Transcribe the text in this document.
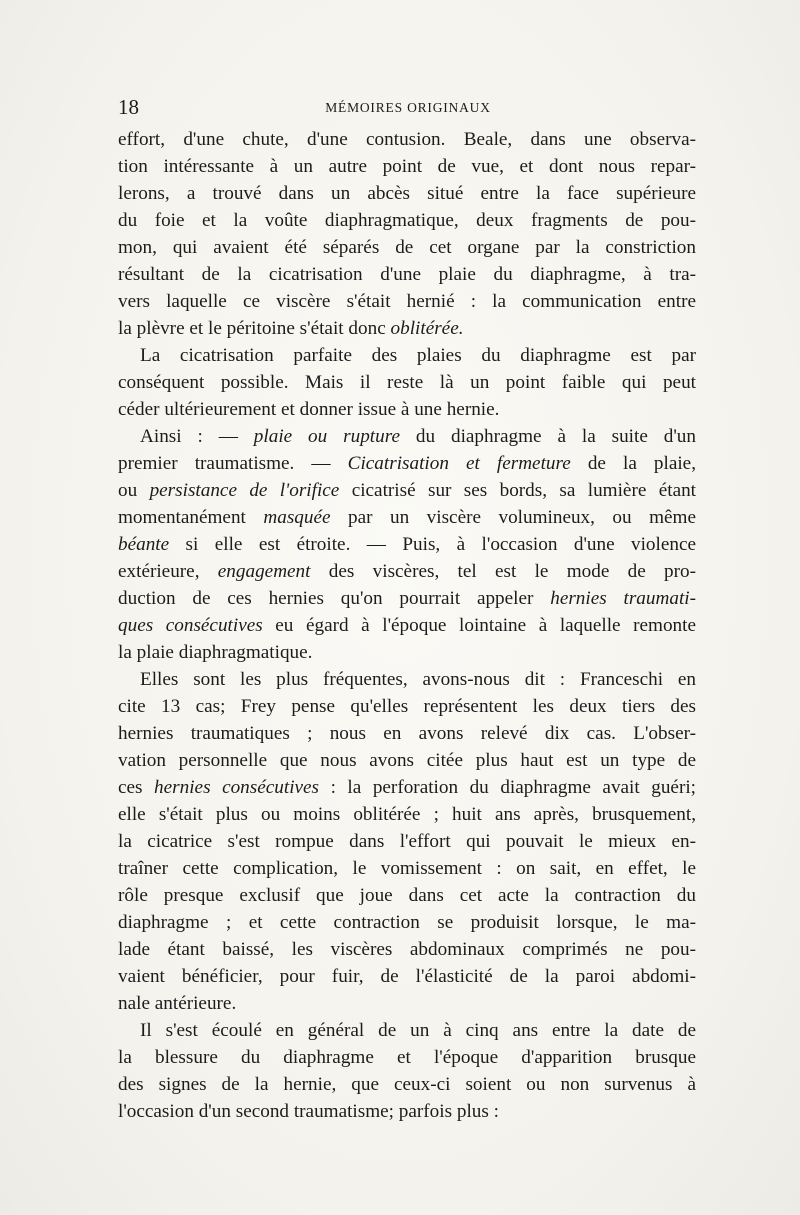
18	MÉMOIRES ORIGINAUX
effort, d'une chute, d'une contusion. Beale, dans une observa-
tion intéressante à un autre point de vue, et dont nous repar-
lerons, a trouvé dans un abcès situé entre la face supérieure
du foie et la voûte diaphragmatique, deux fragments de pou-
mon, qui avaient été séparés de cet organe par la constriction
résultant de la cicatrisation d'une plaie du diaphragme, à tra-
vers laquelle ce viscère s'était hernié : la communication entre
la plèvre et le péritoine s'était donc oblitérée.
La cicatrisation parfaite des plaies du diaphragme est par
conséquent possible. Mais il reste là un point faible qui peut
céder ultérieurement et donner issue à une hernie.
Ainsi : — plaie ou rupture du diaphragme à la suite d'un
premier traumatisme. — Cicatrisation et fermeture de la plaie,
ou persistance de l'orifice cicatrisé sur ses bords, sa lumière étant
momentanément masquée par un viscère volumineux, ou même
béante si elle est étroite. — Puis, à l'occasion d'une violence
extérieure, engagement des viscères, tel est le mode de pro-
duction de ces hernies qu'on pourrait appeler hernies traumati-
ques consécutives eu égard à l'époque lointaine à laquelle remonte
la plaie diaphragmatique.
Elles sont les plus fréquentes, avons-nous dit : Franceschi en
cite 13 cas; Frey pense qu'elles représentent les deux tiers des
hernies traumatiques ; nous en avons relevé dix cas. L'obser-
vation personnelle que nous avons citée plus haut est un type de
ces hernies consécutives : la perforation du diaphragme avait guéri;
elle s'était plus ou moins oblitérée ; huit ans après, brusquement,
la cicatrice s'est rompue dans l'effort qui pouvait le mieux en-
traîner cette complication, le vomissement : on sait, en effet, le
rôle presque exclusif que joue dans cet acte la contraction du
diaphragme ; et cette contraction se produisit lorsque, le ma-
lade étant baissé, les viscères abdominaux comprimés ne pou-
vaient bénéficier, pour fuir, de l'élasticité de la paroi abdomi-
nale antérieure.
Il s'est écoulé en général de un à cinq ans entre la date de
la blessure du diaphragme et l'époque d'apparition brusque
des signes de la hernie, que ceux-ci soient ou non survenus à
l'occasion d'un second traumatisme; parfois plus :
